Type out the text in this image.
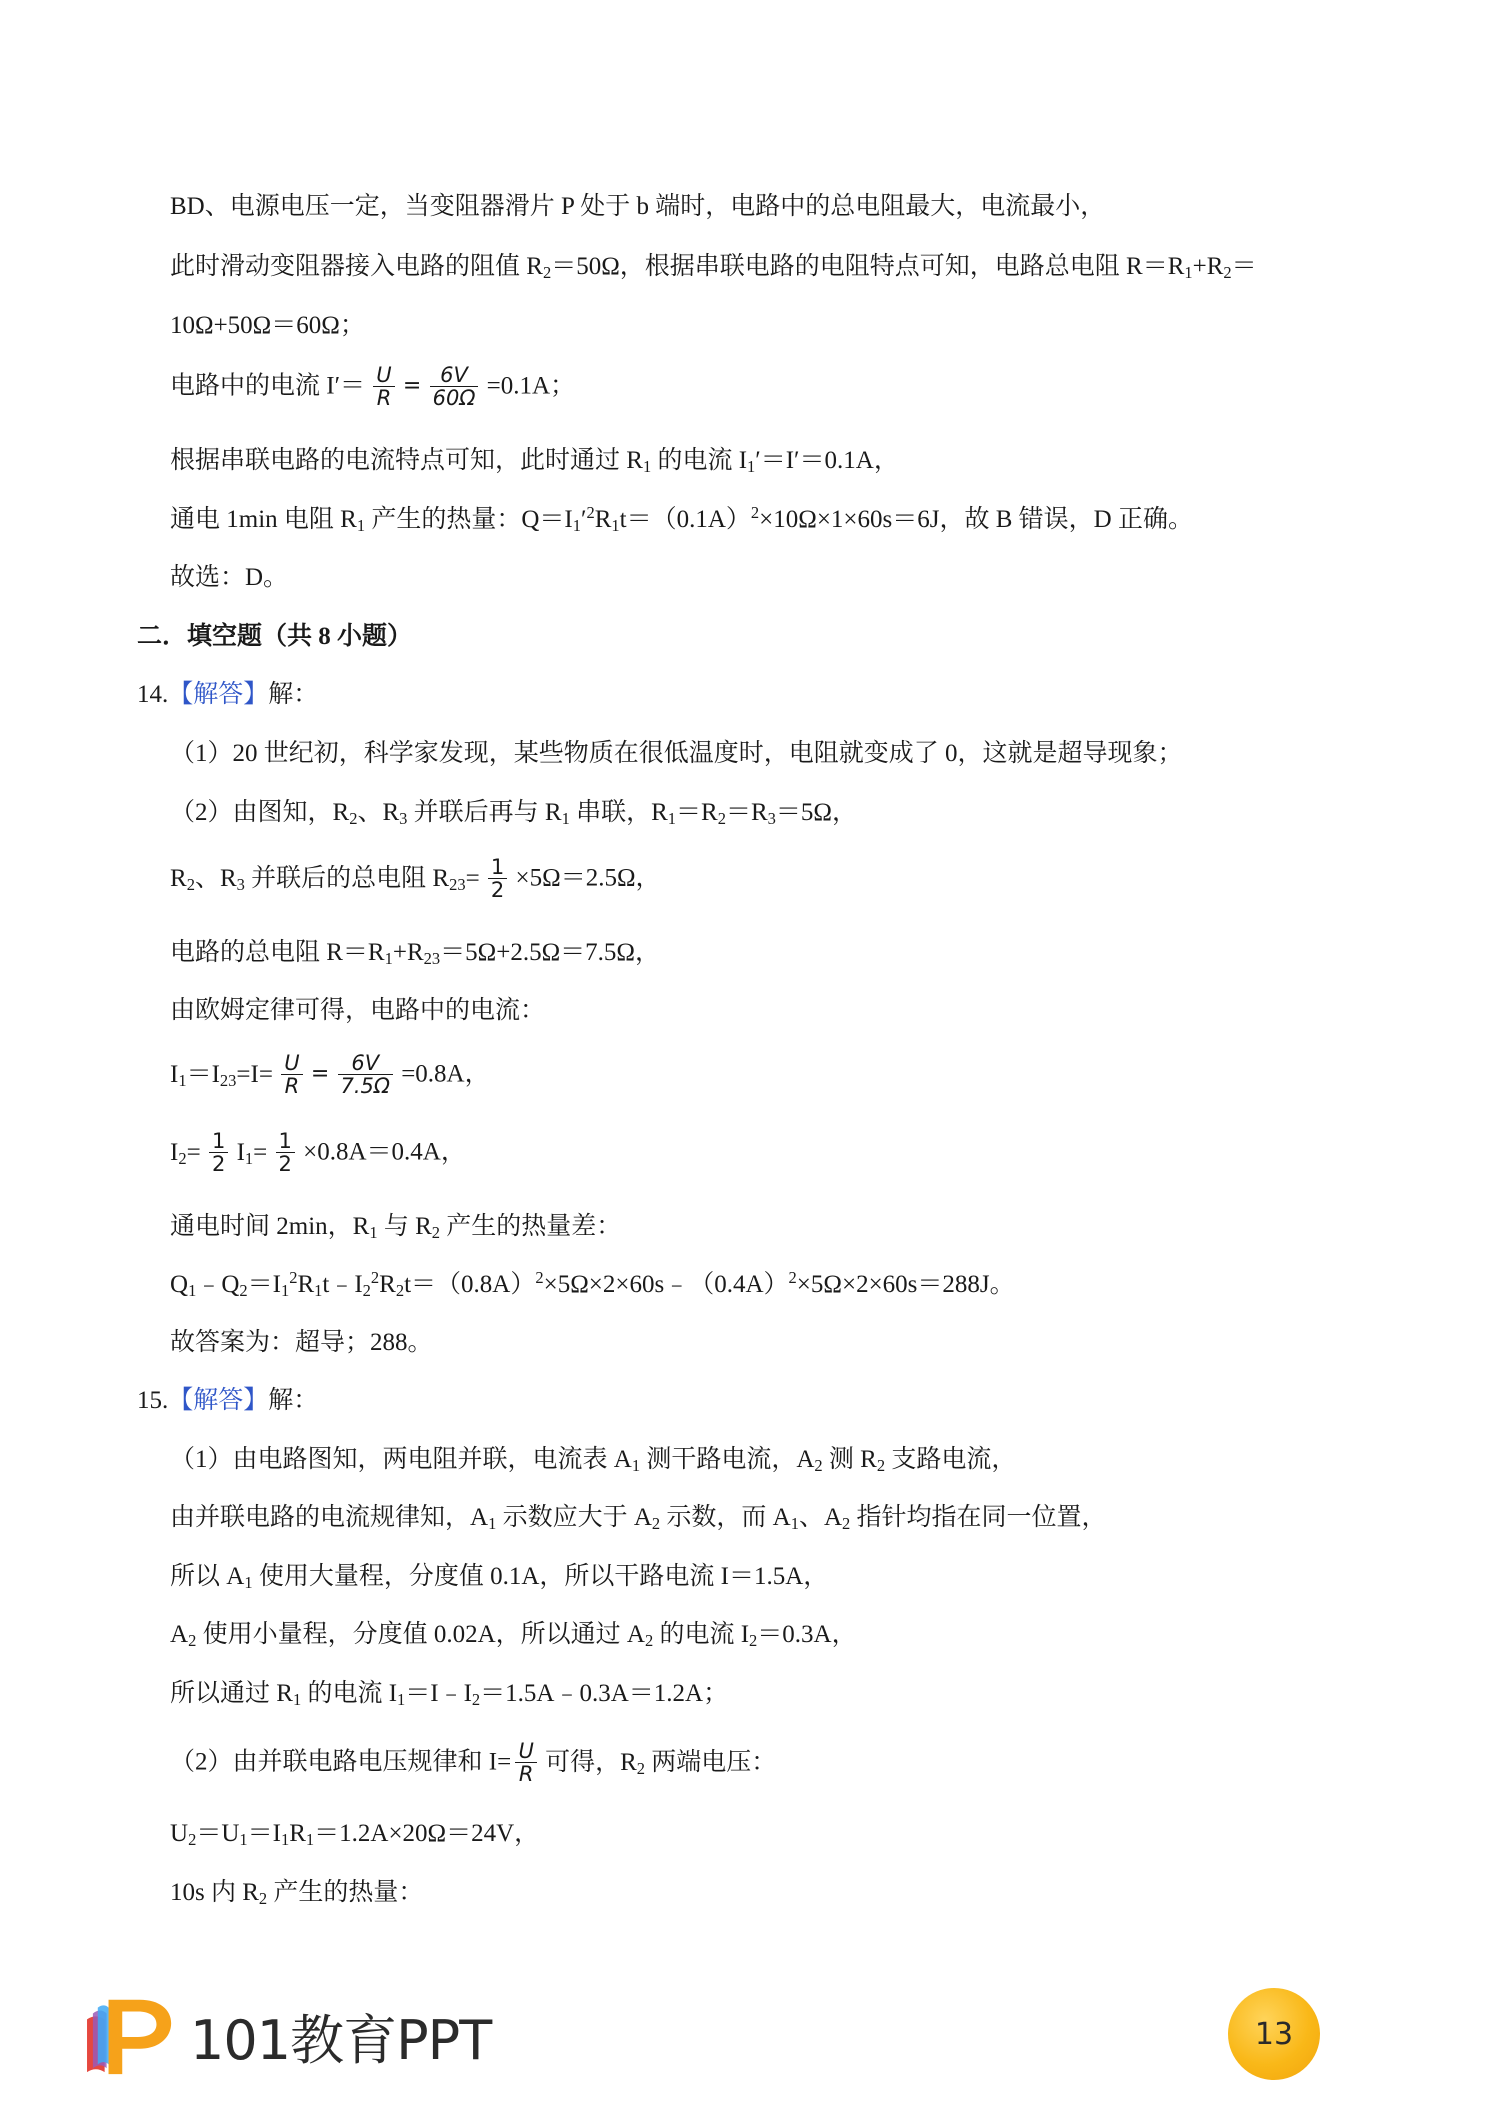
BD、电源电压一定，当变阻器滑片 P 处于 b 端时，电路中的总电阻最大，电流最小，
此时滑动变阻器接入电路的阻值 $R_2=50\Omega$，根据串联电路的电阻特点可知，电路总电阻 $R=R_1+R_2=$
10Ω+50Ω＝60Ω；
电路中的电流 $I'= \frac{U}{R} = \frac{6V}{60\Omega} =0.1A$；
根据串联电路的电流特点可知，此时通过 $R_1$ 的电流 $I_1'=I'=0.1A$，
通电 1min 电阻 $R_1$ 产生的热量：$Q=I_1'^2R_1t=(0.1A)^2\times 10\Omega\times 1\times 60s=6J$，故 B 错误，D 正确。
故选：D。
二．填空题（共 8 小题）
14.【解答】解：
（1）20 世纪初，科学家发现，某些物质在很低温度时，电阻就变成了 0，这就是超导现象；
（2）由图知，$R_2$、$R_3$ 并联后再与 $R_1$ 串联，$R_1=R_2=R_3=5\Omega$，
$R_2$、$R_3$ 并联后的总电阻 $R_{23}= \frac{1}{2} \times 5\Omega=2.5\Omega$，
电路的总电阻 $R=R_1+R_{23}=5\Omega+2.5\Omega=7.5\Omega$，
由欧姆定律可得，电路中的电流：
$I_1=I_{23}=I= \frac{U}{R} = \frac{6V}{7.5\Omega} =0.8A$，
$I_2= \frac{1}{2} I_1= \frac{1}{2} \times 0.8A=0.4A$，
通电时间 2min，$R_1$ 与 $R_2$ 产生的热量差：
$Q_1﹣Q_2=I_1^2R_1t﹣I_2^2R_2t=(0.8A)^2\times 5\Omega\times 2\times 60s﹣(0.4A)^2\times 5\Omega\times 2\times 60s=288J$。
故答案为：超导；288。
15.【解答】解：
（1）由电路图知，两电阻并联，电流表 $A_1$ 测干路电流，$A_2$ 测 $R_2$ 支路电流，
由并联电路的电流规律知，$A_1$ 示数应大于 $A_2$ 示数，而 $A_1$、$A_2$ 指针均指在同一位置，
所以 $A_1$ 使用大量程，分度值 0.1A，所以干路电流 I＝1.5A，
$A_2$ 使用小量程，分度值 0.02A，所以通过 $A_2$ 的电流 $I_2=0.3A$，
所以通过 $R_1$ 的电流 $I_1=I﹣I_2=1.5A﹣0.3A=1.2A$；
（2）由并联电路电压规律和 $I= \frac{U}{R}$ 可得，$R_2$ 两端电压：
$U_2=U_1=I_1R_1=1.2A\times 20\Omega=24V$，
10s 内 $R_2$ 产生的热量：
101教育PPT	13
